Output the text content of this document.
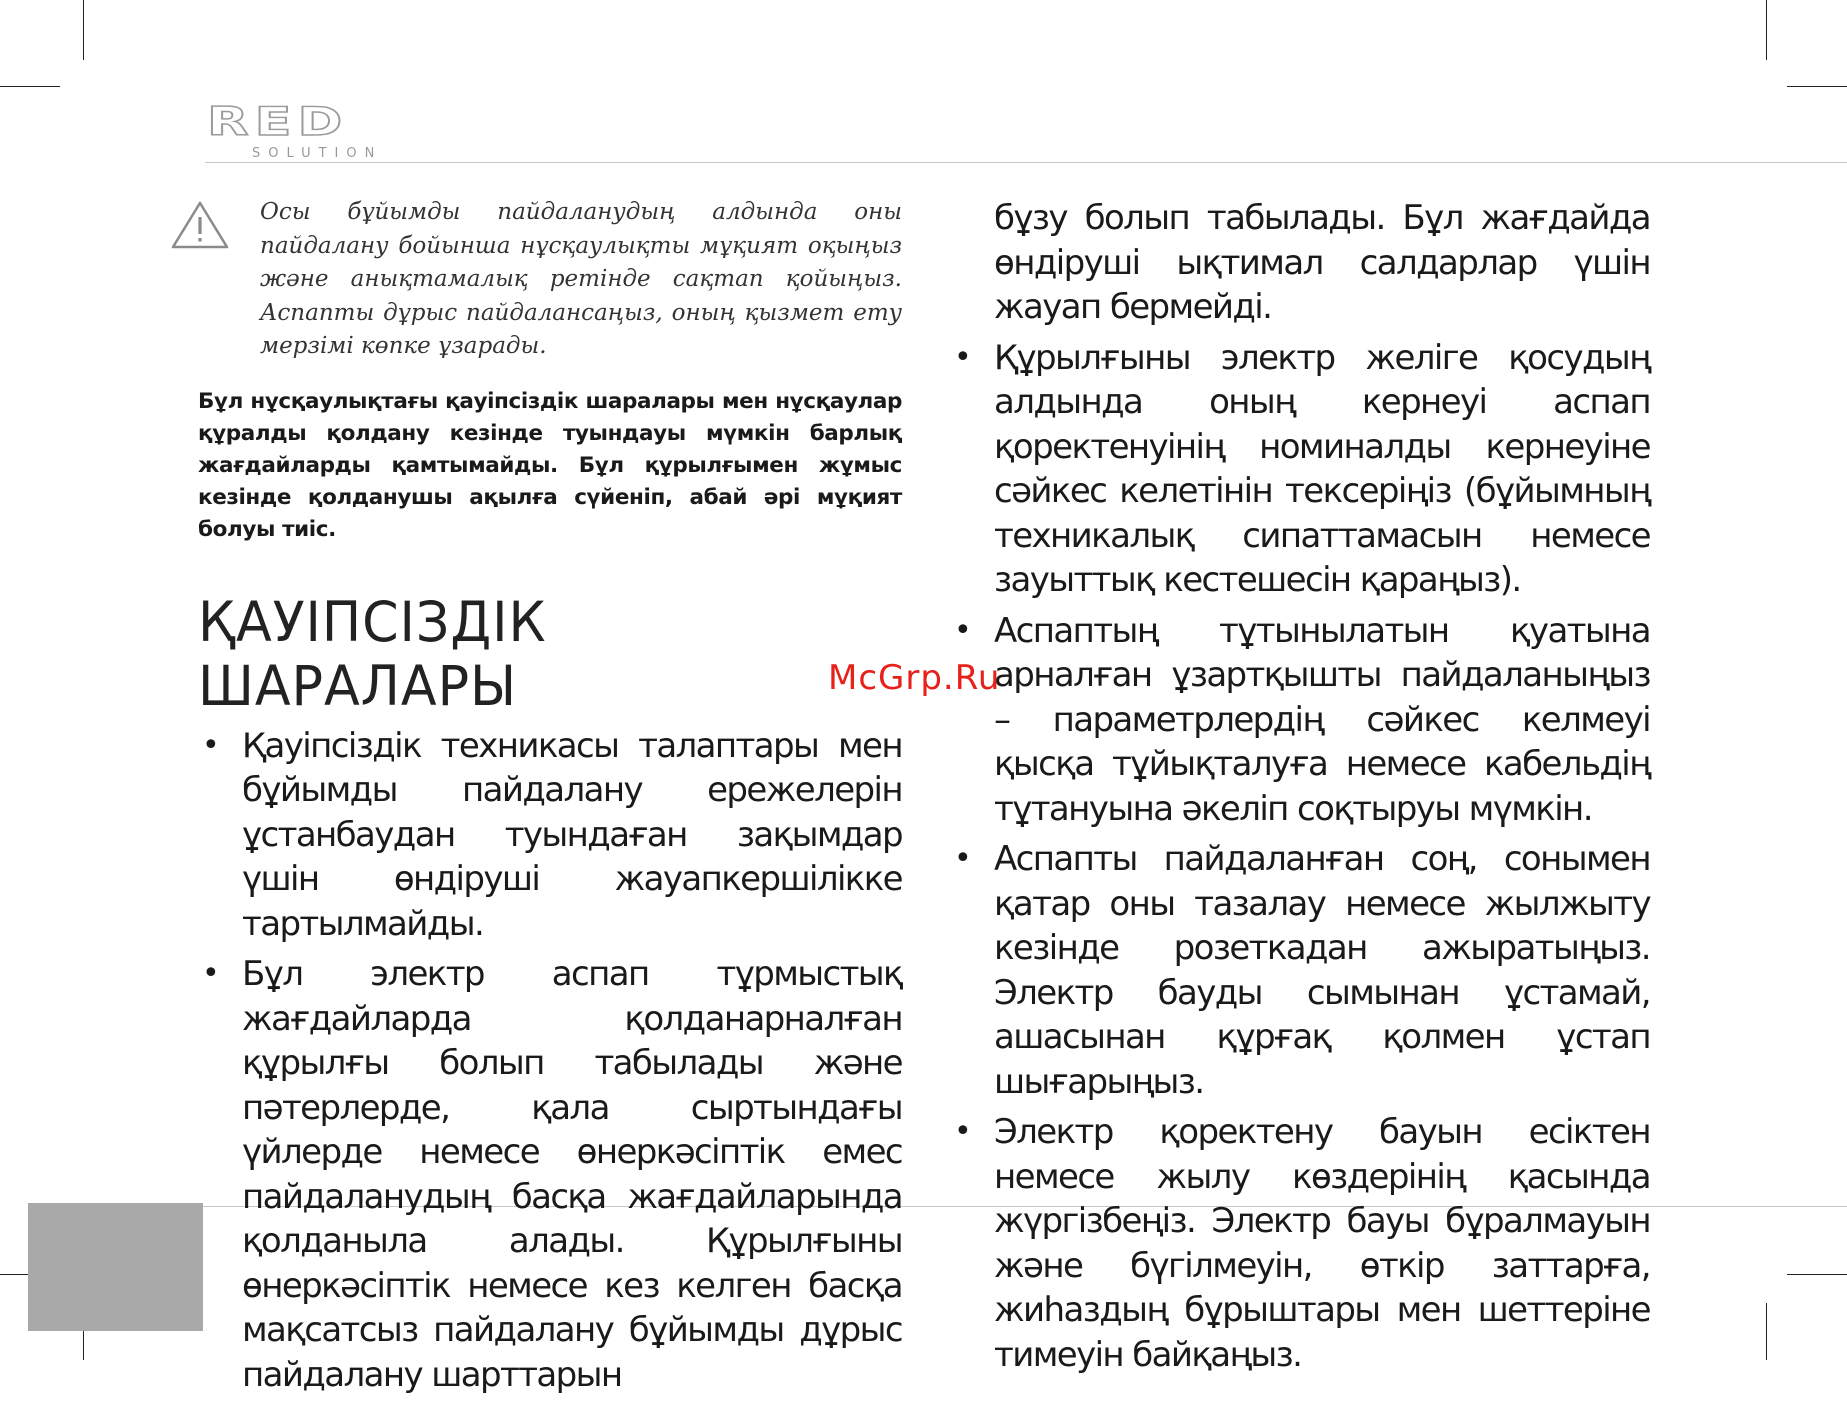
RED
SOLUTION
Осы бұйымды пайдаланудың алдында оны пайдалану бойынша нұсқаулықты мұқият оқыңыз және анықтамалық ретінде сақтап қойыңыз. Аспапты дұрыс пайдалансаңыз, оның қызмет ету мерзімі көпке ұзарады.
Бұл нұсқаулықтағы қауіпсіздік шаралары мен нұсқаулар құралды қолдану кезінде туындауы мүмкін барлық жағдайларды қамтымайды. Бұл құрылғымен жұмыс кезінде қолданушы ақылға сүйеніп, абай әрі мұқият болуы тиіс.
ҚАУІПСІЗДІК ШАРАЛАРЫ
• Қауіпсіздік техникасы талаптары мен бұйымды пайдалану ережелерін ұстанбаудан туындаған зақымдар үшін өндіруші жауапкершілікке тартылмайды.
• Бұл электр аспап тұрмыстық жағдайларда қолданарналған құрылғы болып табылады және пәтерлерде, қала сыртындағы үйлерде немесе өнеркәсіптік емес пайдаланудың басқа жағдайларында қолданыла алады. Құрылғыны өнеркәсіптік немесе кез келген басқа мақсатсыз пайдалану бұйымды дұрыс пайдалану шарттарын
бұзу болып табылады. Бұл жағдайда өндіруші ықтимал салдарлар үшін жауап бермейді.
• Құрылғыны электр желіге қосудың алдында оның кернеуі аспап қоректенуінің номиналды кернеуіне сәйкес келетінін тексеріңіз (бұйымның техникалық сипаттамасын немесе зауыттық кестешесін қараңыз).
• Аспаптың тұтынылатын қуатына арналған ұзартқышты пайдаланыңыз – параметрлердің сәйкес келмеуі қысқа тұйықталуға немесе кабельдің тұтануына әкеліп соқтыруы мүмкін.
• Аспапты пайдаланған соң, сонымен қатар оны тазалау немесе жылжыту кезінде розеткадан ажыратыңыз. Электр бауды сымынан ұстамай, ашасынан құрғақ қолмен ұстап шығарыңыз.
• Электр қоректену бауын есіктен немесе жылу көздерінің қасында жүргізбеңіз. Электр бауы бұралмауын және бүгілмеуін, өткір заттарға, жиһаздың бұрыштары мен шеттеріне тимеуін байқаңыз.
McGrp.Ru
